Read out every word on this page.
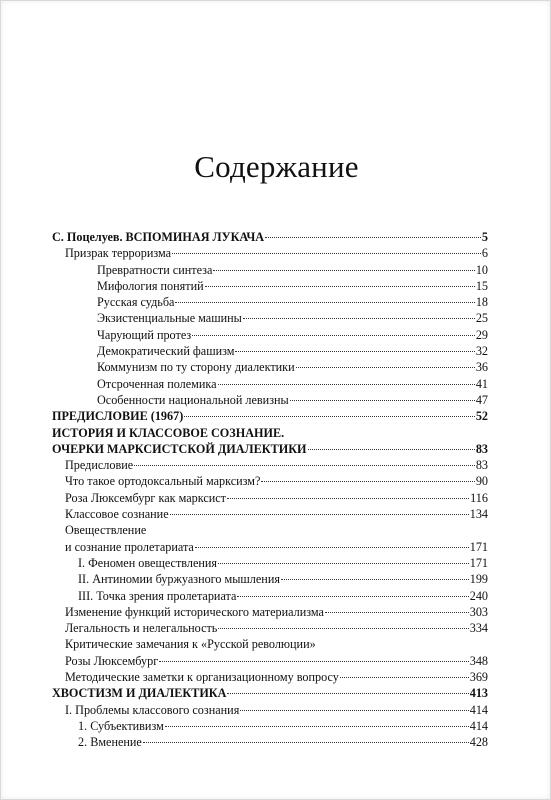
Содержание
С. Поцелуев. ВСПОМИНАЯ ЛУКАЧА	5
Призрак терроризма	6
Превратности синтеза	10
Мифология понятий	15
Русская судьба	18
Экзистенциальные машины	25
Чарующий протез	29
Демократический фашизм	32
Коммунизм по ту сторону диалектики	36
Отсроченная полемика	41
Особенности национальной левизны	47
ПРЕДИСЛОВИЕ (1967)	52
ИСТОРИЯ И КЛАССОВОЕ СОЗНАНИЕ.
ОЧЕРКИ МАРКСИСТСКОЙ ДИАЛЕКТИКИ	83
Предисловие	83
Что такое ортодоксальный марксизм?	90
Роза Люксембург как марксист	116
Классовое сознание	134
Овеществление
и сознание пролетариата	171
I. Феномен овеществления	171
II. Антиномии буржуазного мышления	199
III. Точка зрения пролетариата	240
Изменение функций исторического материализма	303
Легальность и нелегальность	334
Критические замечания к «Русской революции»
Розы Люксембург	348
Методические заметки к организационному вопросу	369
ХВОСТИЗМ И ДИАЛЕКТИКА	413
I. Проблемы классового сознания	414
1. Субъективизм	414
2. Вменение	428
